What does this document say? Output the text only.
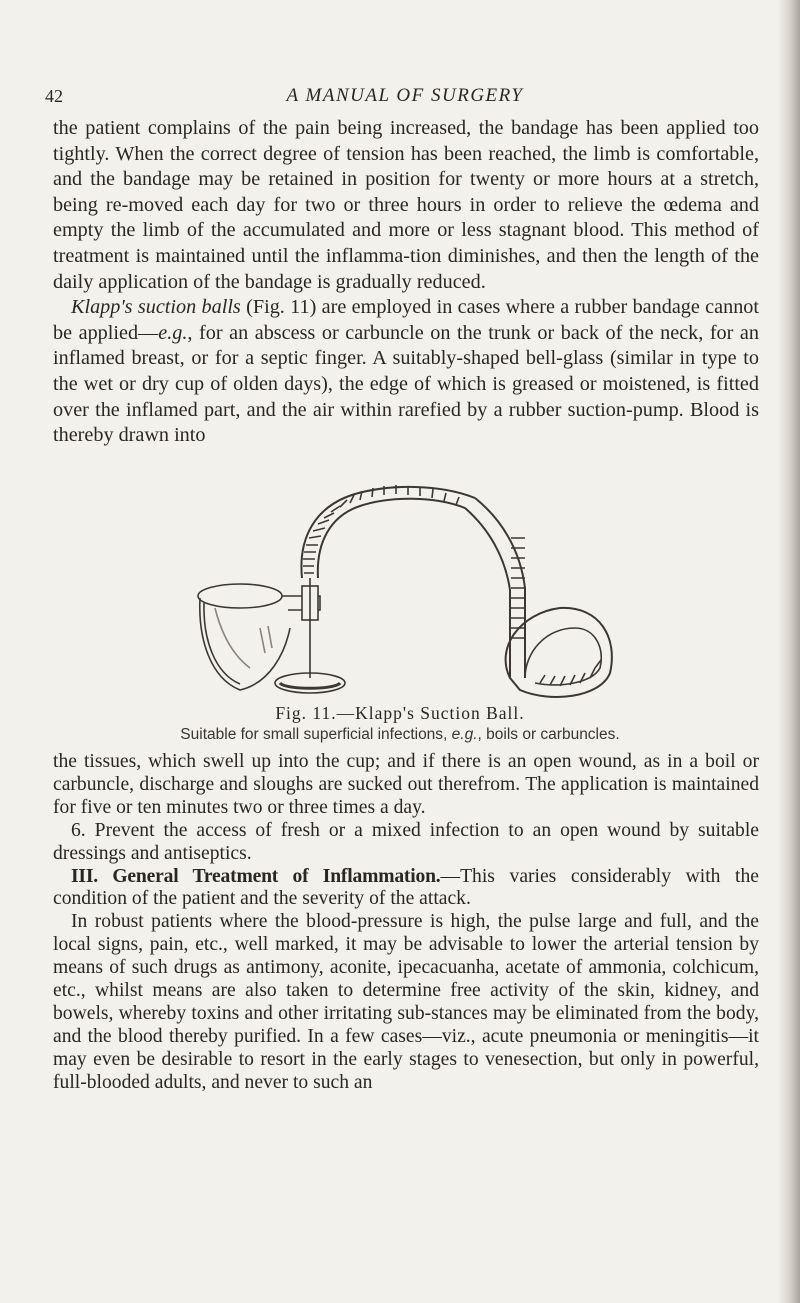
42	A MANUAL OF SURGERY

the patient complains of the pain being increased, the bandage has been applied too tightly. When the correct degree of tension has been reached, the limb is comfortable, and the bandage may be retained in position for twenty or more hours at a stretch, being re-moved each day for two or three hours in order to relieve the œdema and empty the limb of the accumulated and more or less stagnant blood. This method of treatment is maintained until the inflamma-tion diminishes, and then the length of the daily application of the bandage is gradually reduced.

Klapp's suction balls (Fig. 11) are employed in cases where a rubber bandage cannot be applied—e.g., for an abscess or carbuncle on the trunk or back of the neck, for an inflamed breast, or for a septic finger. A suitably-shaped bell-glass (similar in type to the wet or dry cup of olden days), the edge of which is greased or moistened, is fitted over the inflamed part, and the air within rarefied by a rubber suction-pump. Blood is thereby drawn into

Fig. 11.—Klapp's Suction Ball.
Suitable for small superficial infections, e.g., boils or carbuncles.

the tissues, which swell up into the cup; and if there is an open wound, as in a boil or carbuncle, discharge and sloughs are sucked out therefrom. The application is maintained for five or ten minutes two or three times a day.

6. Prevent the access of fresh or a mixed infection to an open wound by suitable dressings and antiseptics.

III. General Treatment of Inflammation.—This varies considerably with the condition of the patient and the severity of the attack.

In robust patients where the blood-pressure is high, the pulse large and full, and the local signs, pain, etc., well marked, it may be advisable to lower the arterial tension by means of such drugs as antimony, aconite, ipecacuanha, acetate of ammonia, colchicum, etc., whilst means are also taken to determine free activity of the skin, kidney, and bowels, whereby toxins and other irritating sub-stances may be eliminated from the body, and the blood thereby purified. In a few cases—viz., acute pneumonia or meningitis—it may even be desirable to resort in the early stages to venesection, but only in powerful, full-blooded adults, and never to such an
